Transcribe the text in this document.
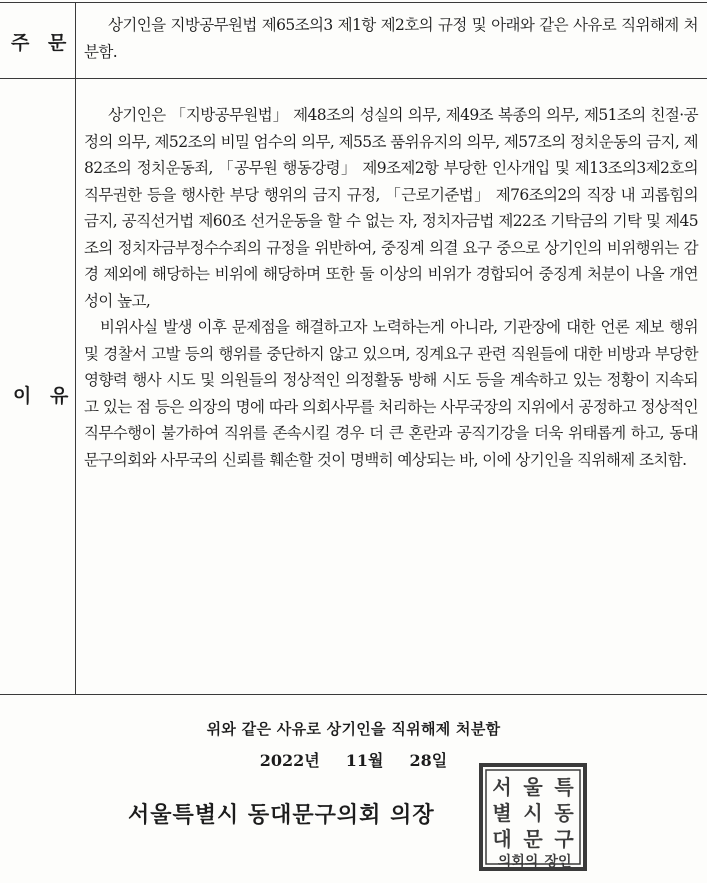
주 문

상기인을 지방공무원법 제65조의3 제1항 제2호의 규정 및 아래와 같은 사유로 직위해제 처분함.

이 유

상기인은 「지방공무원법」 제48조의 성실의 의무, 제49조 복종의 의무, 제51조의 친절·공정의 의무, 제52조의 비밀 엄수의 의무, 제55조 품위유지의 의무, 제57조의 정치운동의 금지, 제82조의 정치운동죄, 「공무원 행동강령」 제9조제2항 부당한 인사개입 및 제13조의3제2호의 직무권한 등을 행사한 부당 행위의 금지 규정, 「근로기준법」 제76조의2의 직장 내 괴롭힘의 금지, 공직선거법 제60조 선거운동을 할 수 없는 자, 정치자금법 제22조 기탁금의 기탁 및 제45조의 정치자금부정수수죄의 규정을 위반하여, 중징계 의결 요구 중으로 상기인의 비위행위는 감경 제외에 해당하는 비위에 해당하며 또한 둘 이상의 비위가 경합되어 중징계 처분이 나올 개연성이 높고,

비위사실 발생 이후 문제점을 해결하고자 노력하는게 아니라, 기관장에 대한 언론 제보 행위 및 경찰서 고발 등의 행위를 중단하지 않고 있으며, 징계요구 관련 직원들에 대한 비방과 부당한 영향력 행사 시도 및 의원들의 정상적인 의정활동 방해 시도 등을 계속하고 있는 정황이 지속되고 있는 점 등은 의장의 명에 따라 의회사무를 처리하는 사무국장의 지위에서 공정하고 정상적인 직무수행이 불가하여 직위를 존속시킬 경우 더 큰 혼란과 공직기강을 더욱 위태롭게 하고, 동대문구의회와 사무국의 신뢰를 훼손할 것이 명백히 예상되는 바, 이에 상기인을 직위해제 조치함.

위와 같은 사유로 상기인을 직위해제 처분함
2022년 11월 28일
서울특별시 동대문구의회 의장
서 울 특
별 시 동
대 문 구
의회의 장인
